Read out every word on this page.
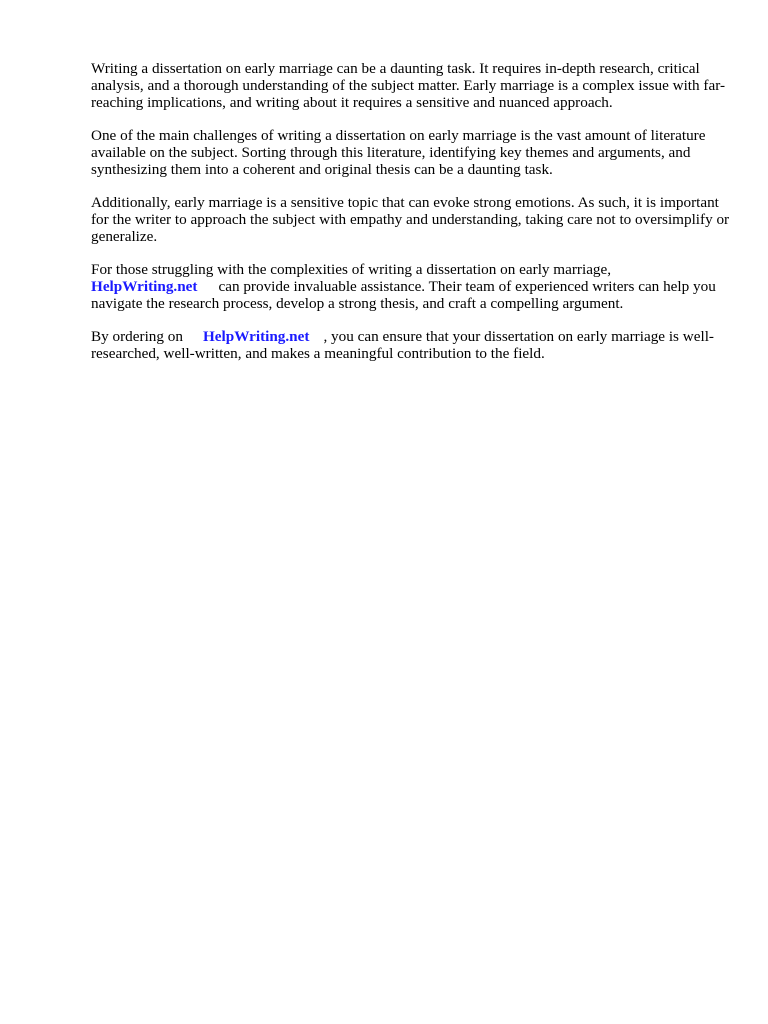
Writing a dissertation on early marriage can be a daunting task. It requires in-depth research, critical analysis, and a thorough understanding of the subject matter. Early marriage is a complex issue with far-reaching implications, and writing about it requires a sensitive and nuanced approach.

One of the main challenges of writing a dissertation on early marriage is the vast amount of literature available on the subject. Sorting through this literature, identifying key themes and arguments, and synthesizing them into a coherent and original thesis can be a daunting task.

Additionally, early marriage is a sensitive topic that can evoke strong emotions. As such, it is important for the writer to approach the subject with empathy and understanding, taking care not to oversimplify or generalize.

For those struggling with the complexities of writing a dissertation on early marriage,
HelpWriting.net can provide invaluable assistance. Their team of experienced writers can help you navigate the research process, develop a strong thesis, and craft a compelling argument.

By ordering on HelpWriting.net , you can ensure that your dissertation on early marriage is well-researched, well-written, and makes a meaningful contribution to the field.
